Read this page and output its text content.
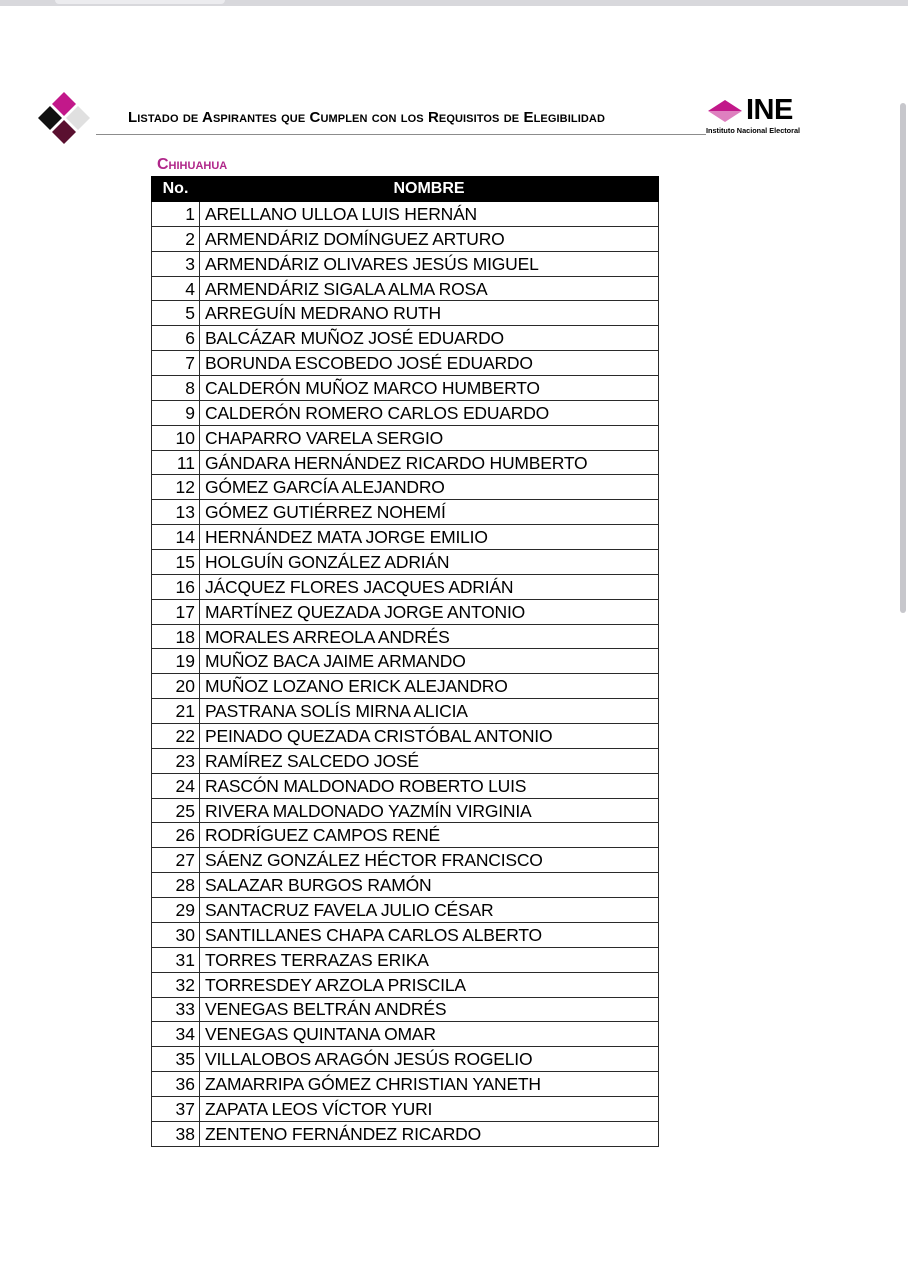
Listado de Aspirantes que Cumplen con los Requisitos de Elegibilidad	INE
Instituto Nacional Electoral
Chihuahua
No.	NOMBRE
1	ARELLANO ULLOA LUIS HERNÁN
2	ARMENDÁRIZ DOMÍNGUEZ ARTURO
3	ARMENDÁRIZ OLIVARES JESÚS MIGUEL
4	ARMENDÁRIZ SIGALA ALMA ROSA
5	ARREGUÍN MEDRANO RUTH
6	BALCÁZAR MUÑOZ JOSÉ EDUARDO
7	BORUNDA ESCOBEDO JOSÉ EDUARDO
8	CALDERÓN MUÑOZ MARCO HUMBERTO
9	CALDERÓN ROMERO CARLOS EDUARDO
10	CHAPARRO VARELA SERGIO
11	GÁNDARA HERNÁNDEZ RICARDO HUMBERTO
12	GÓMEZ GARCÍA ALEJANDRO
13	GÓMEZ GUTIÉRREZ NOHEMÍ
14	HERNÁNDEZ MATA JORGE EMILIO
15	HOLGUÍN GONZÁLEZ ADRIÁN
16	JÁCQUEZ FLORES JACQUES ADRIÁN
17	MARTÍNEZ QUEZADA JORGE ANTONIO
18	MORALES ARREOLA ANDRÉS
19	MUÑOZ BACA JAIME ARMANDO
20	MUÑOZ LOZANO ERICK ALEJANDRO
21	PASTRANA SOLÍS MIRNA ALICIA
22	PEINADO QUEZADA CRISTÓBAL ANTONIO
23	RAMÍREZ SALCEDO JOSÉ
24	RASCÓN MALDONADO ROBERTO LUIS
25	RIVERA MALDONADO YAZMÍN VIRGINIA
26	RODRÍGUEZ CAMPOS RENÉ
27	SÁENZ GONZÁLEZ HÉCTOR FRANCISCO
28	SALAZAR BURGOS RAMÓN
29	SANTACRUZ FAVELA JULIO CÉSAR
30	SANTILLANES CHAPA CARLOS ALBERTO
31	TORRES TERRAZAS ERIKA
32	TORRESDEY ARZOLA PRISCILA
33	VENEGAS BELTRÁN ANDRÉS
34	VENEGAS QUINTANA OMAR
35	VILLALOBOS ARAGÓN JESÚS ROGELIO
36	ZAMARRIPA GÓMEZ CHRISTIAN YANETH
37	ZAPATA LEOS VÍCTOR YURI
38	ZENTENO FERNÁNDEZ RICARDO
